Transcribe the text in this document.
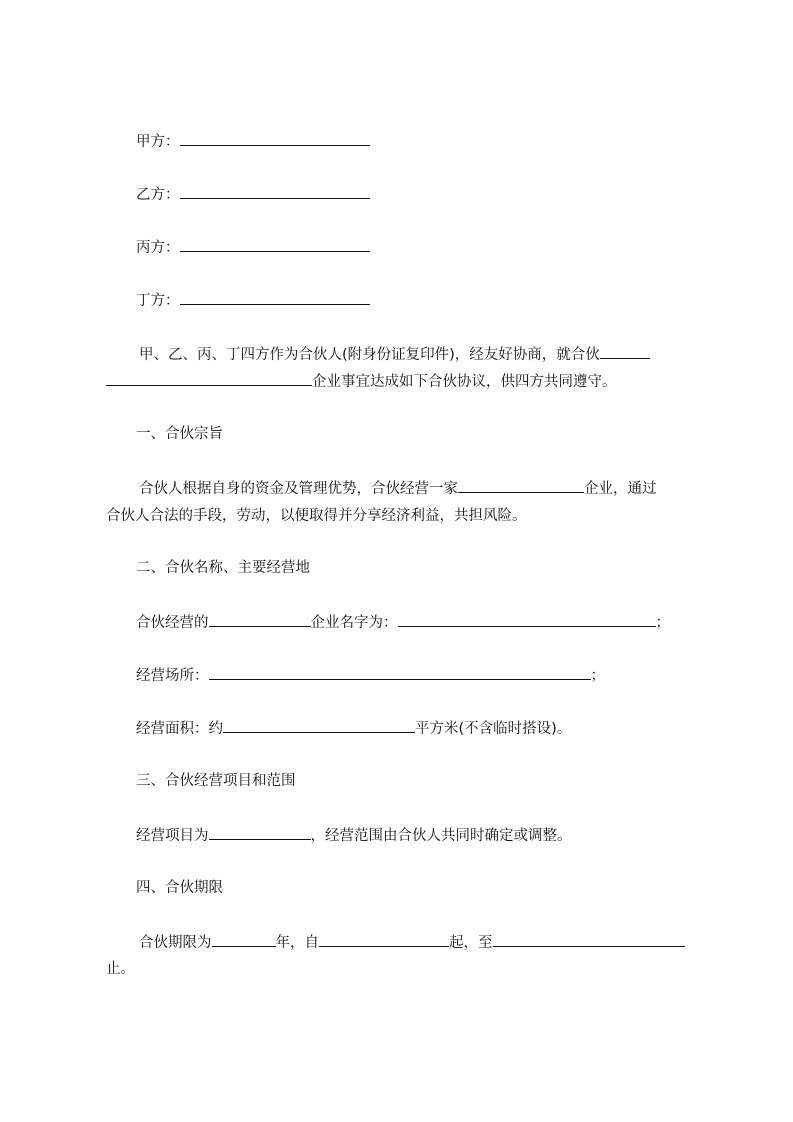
甲方：
乙方：
丙方：
丁方：
甲、乙、丙、丁四方作为合伙人(附身份证复印件)，经友好协商，就合伙
企业事宜达成如下合伙协议，供四方共同遵守。
一、合伙宗旨
合伙人根据自身的资金及管理优势，合伙经营一家	企业，通过
合伙人合法的手段，劳动，以便取得并分享经济利益，共担风险。
二、合伙名称、主要经营地
合伙经营的	企业名字为：	；
经营场所：	；
经营面积：约	平方米(不含临时搭设)。
三、合伙经营项目和范围
经营项目为	，经营范围由合伙人共同时确定或调整。
四、合伙期限
合伙期限为	年，自	起，至
止。
